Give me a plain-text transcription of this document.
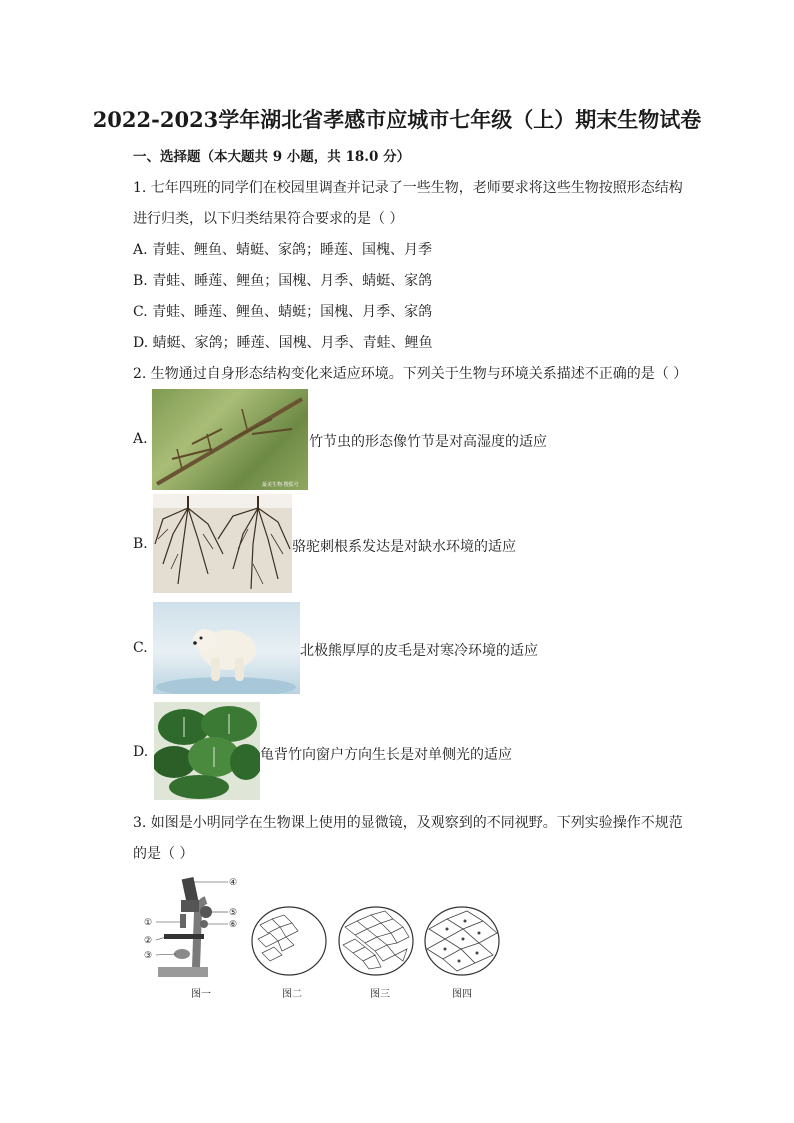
2022-2023学年湖北省孝感市应城市七年级（上）期末生物试卷
一、选择题（本大题共 9 小题，共 18.0 分）
1. 七年四班的同学们在校园里调查并记录了一些生物，老师要求将这些生物按照形态结构
进行归类，以下归类结果符合要求的是（ ）
A. 青蛙、鲤鱼、蜻蜓、家鸽；睡莲、国槐、月季
B. 青蛙、睡莲、鲤鱼；国槐、月季、蜻蜓、家鸽
C. 青蛙、睡莲、鲤鱼、蜻蜓；国槐、月季、家鸽
D. 蜻蜓、家鸽；睡莲、国槐、月季、青蛙、鲤鱼
2. 生物通过自身形态结构变化来适应环境。下列关于生物与环境关系描述不正确的是（ ）
A.
最美生物·搜狐号
竹节虫的形态像竹节是对高湿度的适应
B.	骆驼刺根系发达是对缺水环境的适应
C.	北极熊厚厚的皮毛是对寒冷环境的适应
D.	龟背竹向窗户方向生长是对单侧光的适应
3. 如图是小明同学在生物课上使用的显微镜，及观察到的不同视野。下列实验操作不规范
的是（ ）
①
②
③
④
⑤
⑥
图一	图二	图三	图四
